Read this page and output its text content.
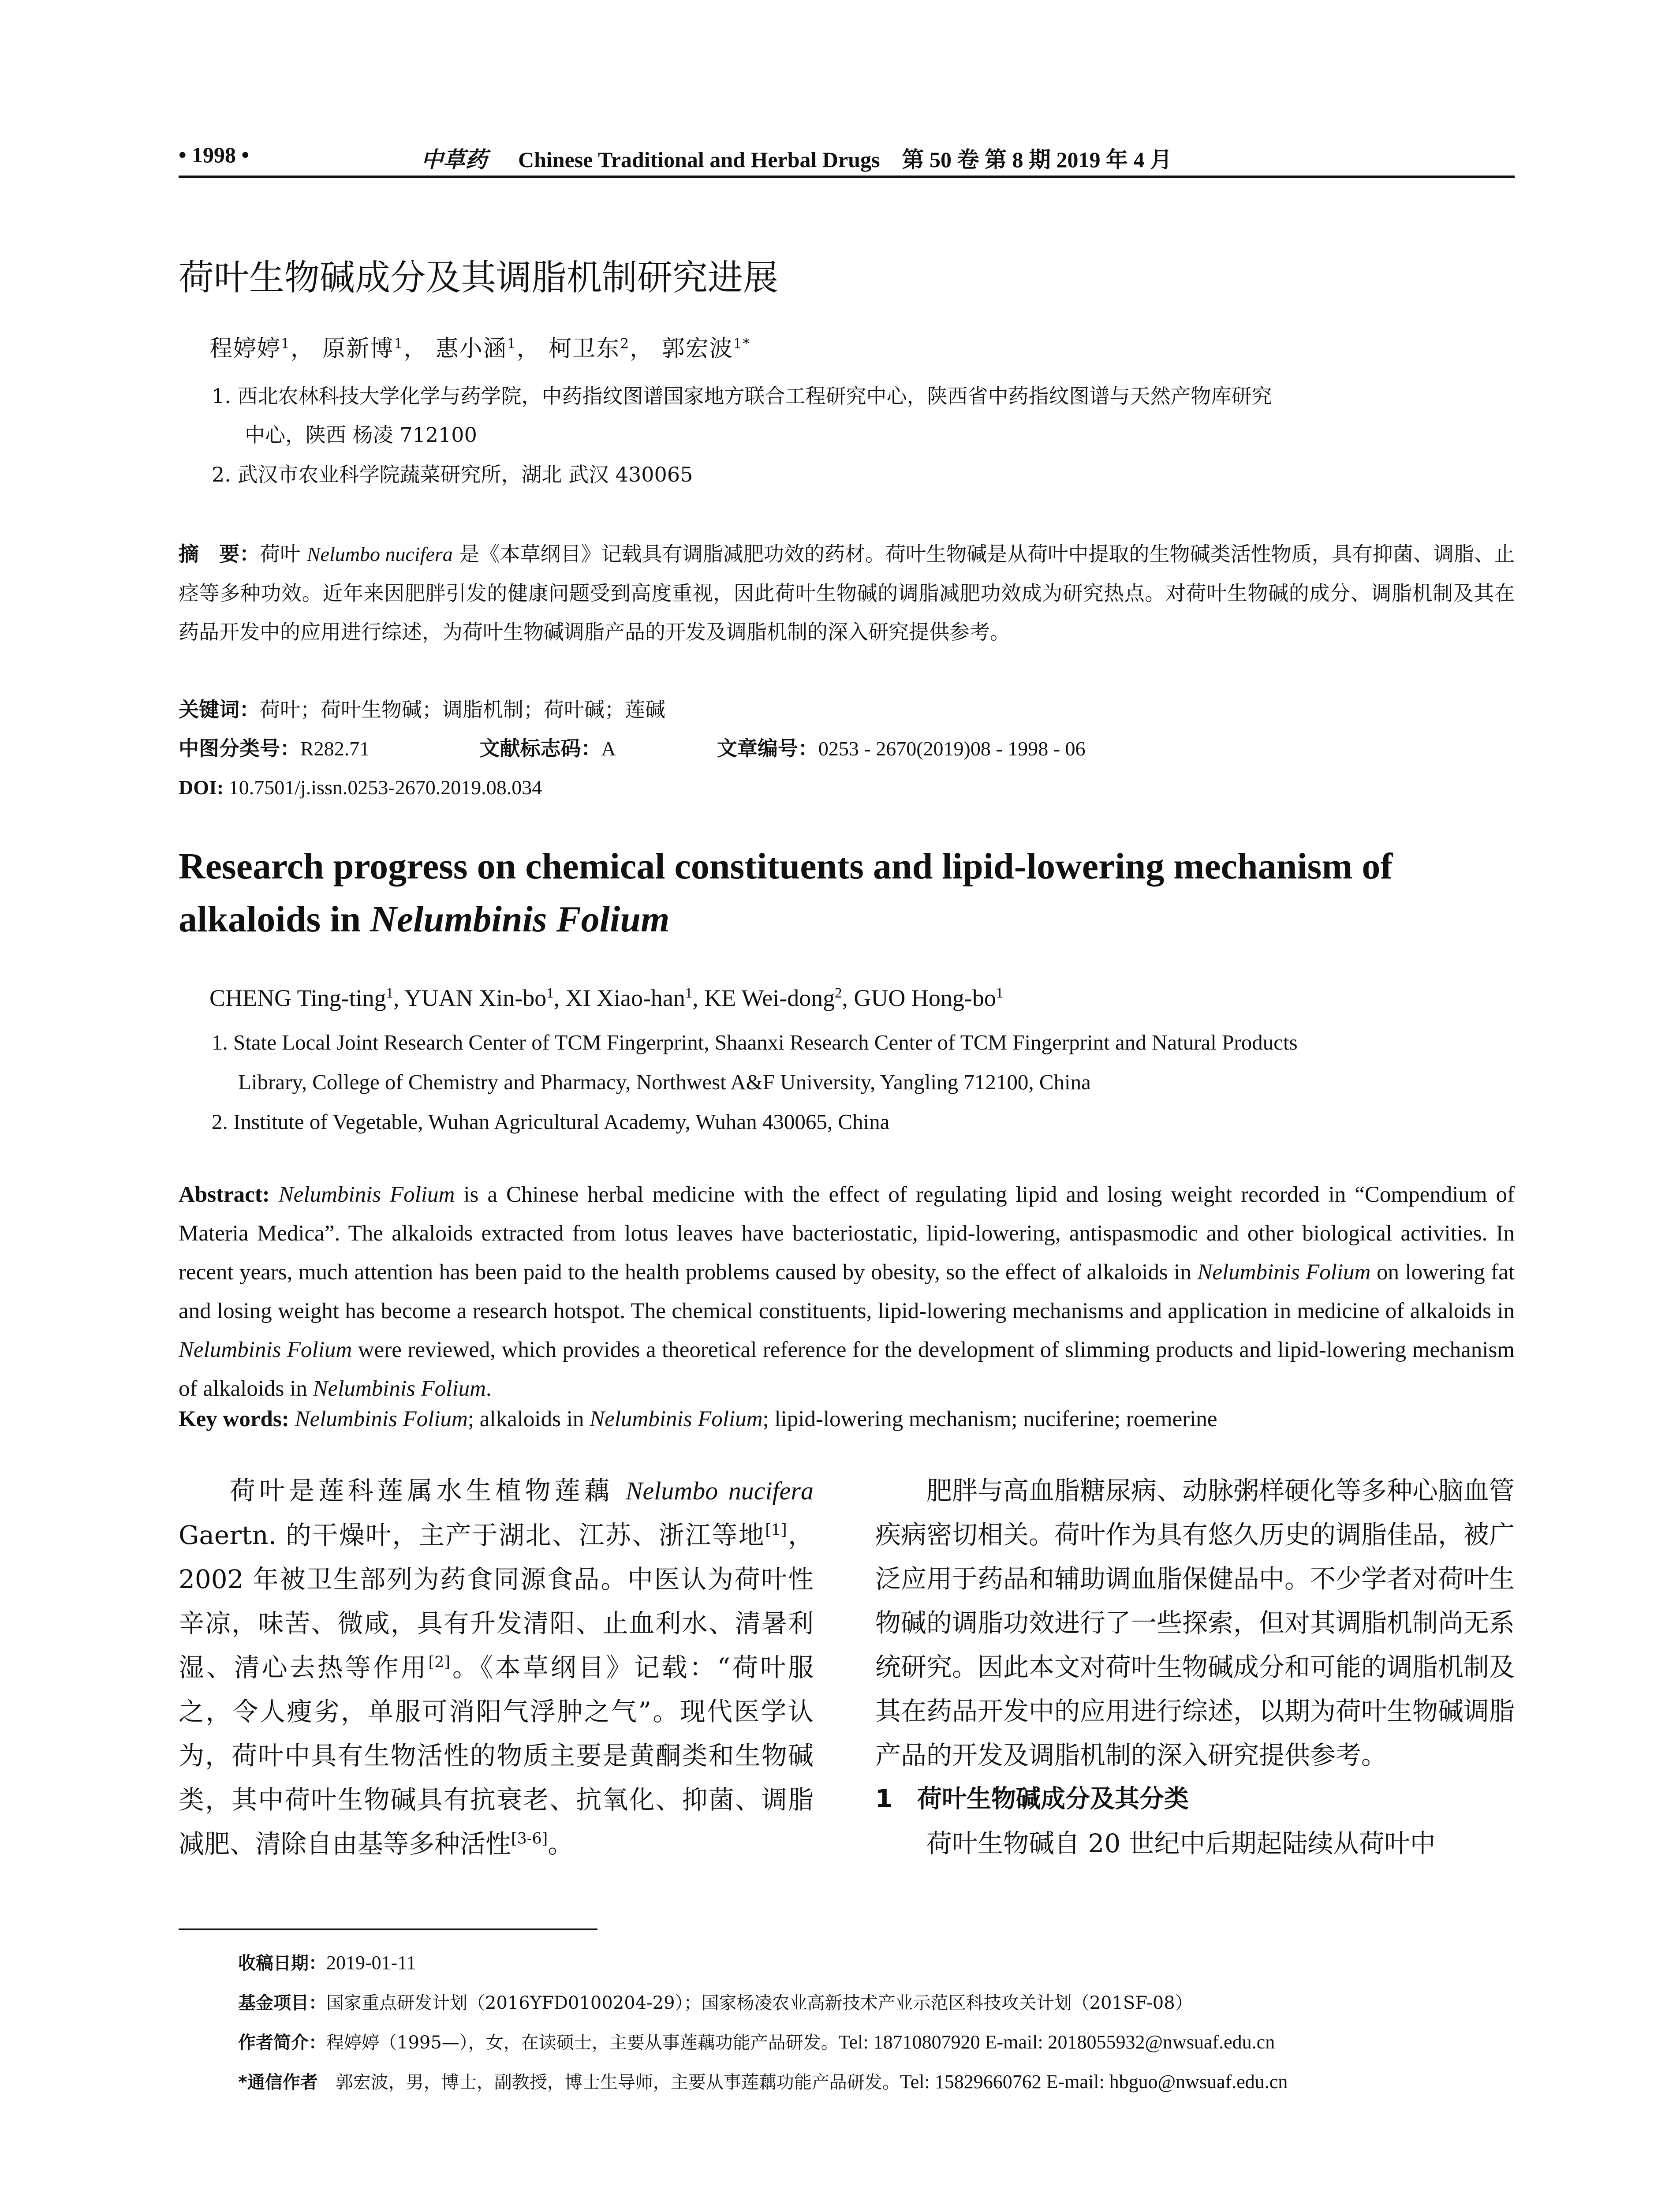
• 1998 •	中草药 Chinese Traditional and Herbal Drugs　第 50 卷 第 8 期 2019 年 4 月
荷叶生物碱成分及其调脂机制研究进展
程婷婷$^1$， 原新博$^1$， 惠小涵$^1$， 柯卫东$^2$， 郭宏波$^{1*}$
1. 西北农林科技大学化学与药学院，中药指纹图谱国家地方联合工程研究中心，陕西省中药指纹图谱与天然产物库研究
中心，陕西 杨凌 712100
2. 武汉市农业科学院蔬菜研究所，湖北 武汉 430065
摘　要：荷叶 Nelumbo nucifera 是《本草纲目》记载具有调脂减肥功效的药材。荷叶生物碱是从荷叶中提取的生物碱类活性物质，具有抑菌、调脂、止痉等多种功效。近年来因肥胖引发的健康问题受到高度重视，因此荷叶生物碱的调脂减肥功效成为研究热点。对荷叶生物碱的成分、调脂机制及其在药品开发中的应用进行综述，为荷叶生物碱调脂产品的开发及调脂机制的深入研究提供参考。
关键词：荷叶；荷叶生物碱；调脂机制；荷叶碱；莲碱
中图分类号：R282.71	文献标志码：A	文章编号：0253 - 2670(2019)08 - 1998 - 06
DOI: 10.7501/j.issn.0253-2670.2019.08.034
Research progress on chemical constituents and lipid-lowering mechanism of alkaloids in Nelumbinis Folium
CHENG Ting-ting$^1$, YUAN Xin-$bo^1$, XI Xiao-han$^1$, KE Wei-dong$^2$, GUO Hong-$bo^1$
1. State Local Joint Research Center of TCM Fingerprint, Shaanxi Research Center of TCM Fingerprint and Natural Products
Library, College of Chemistry and Pharmacy, Northwest A&F University, Yangling 712100, China
2. Institute of Vegetable, Wuhan Agricultural Academy, Wuhan 430065, China
Abstract: Nelumbinis Folium is a Chinese herbal medicine with the effect of regulating lipid and losing weight recorded in “Compendium of Materia Medica”. The alkaloids extracted from lotus leaves have bacteriostatic, lipid-lowering, antispasmodic and other biological activities. In recent years, much attention has been paid to the health problems caused by obesity, so the effect of alkaloids in Nelumbinis Folium on lowering fat and losing weight has become a research hotspot. The chemical constituents, lipid-lowering mechanisms and application in medicine of alkaloids in Nelumbinis Folium were reviewed, which provides a theoretical reference for the development of slimming products and lipid-lowering mechanism of alkaloids in Nelumbinis Folium.
Key words: Nelumbinis Folium; alkaloids in Nelumbinis Folium; lipid-lowering mechanism; nuciferine; roemerine
荷叶是莲科莲属水生植物莲藕 Nelumbo nucifera Gaertn. 的干燥叶，主产于湖北、江苏、浙江等地[1]，2002 年被卫生部列为药食同源食品。中医认为荷叶性辛凉，味苦、微咸，具有升发清阳、止血利水、清暑利湿、清心去热等作用[2]。《本草纲目》记载：“荷叶服之，令人瘦劣，单服可消阳气浮肿之气”。现代医学认为，荷叶中具有生物活性的物质主要是黄酮类和生物碱类，其中荷叶生物碱具有抗衰老、抗氧化、抑菌、调脂减肥、清除自由基等多种活性[3-6]。
肥胖与高血脂糖尿病、动脉粥样硬化等多种心脑血管疾病密切相关。荷叶作为具有悠久历史的调脂佳品，被广泛应用于药品和辅助调血脂保健品中。不少学者对荷叶生物碱的调脂功效进行了一些探索，但对其调脂机制尚无系统研究。因此本文对荷叶生物碱成分和可能的调脂机制及其在药品开发中的应用进行综述，以期为荷叶生物碱调脂产品的开发及调脂机制的深入研究提供参考。
1　荷叶生物碱成分及其分类
荷叶生物碱自 20 世纪中后期起陆续从荷叶中
收稿日期：2019-01-11
基金项目：国家重点研发计划（2016YFD0100204-29）；国家杨凌农业高新技术产业示范区科技攻关计划（201SF-08）
作者简介：程婷婷（1995—），女，在读硕士，主要从事莲藕功能产品研发。Tel: 18710807920 E-mail: 2018055932@nwsuaf.edu.cn
*通信作者　郭宏波，男，博士，副教授，博士生导师，主要从事莲藕功能产品研发。Tel: 15829660762 E-mail: hbguo@nwsuaf.edu.cn
